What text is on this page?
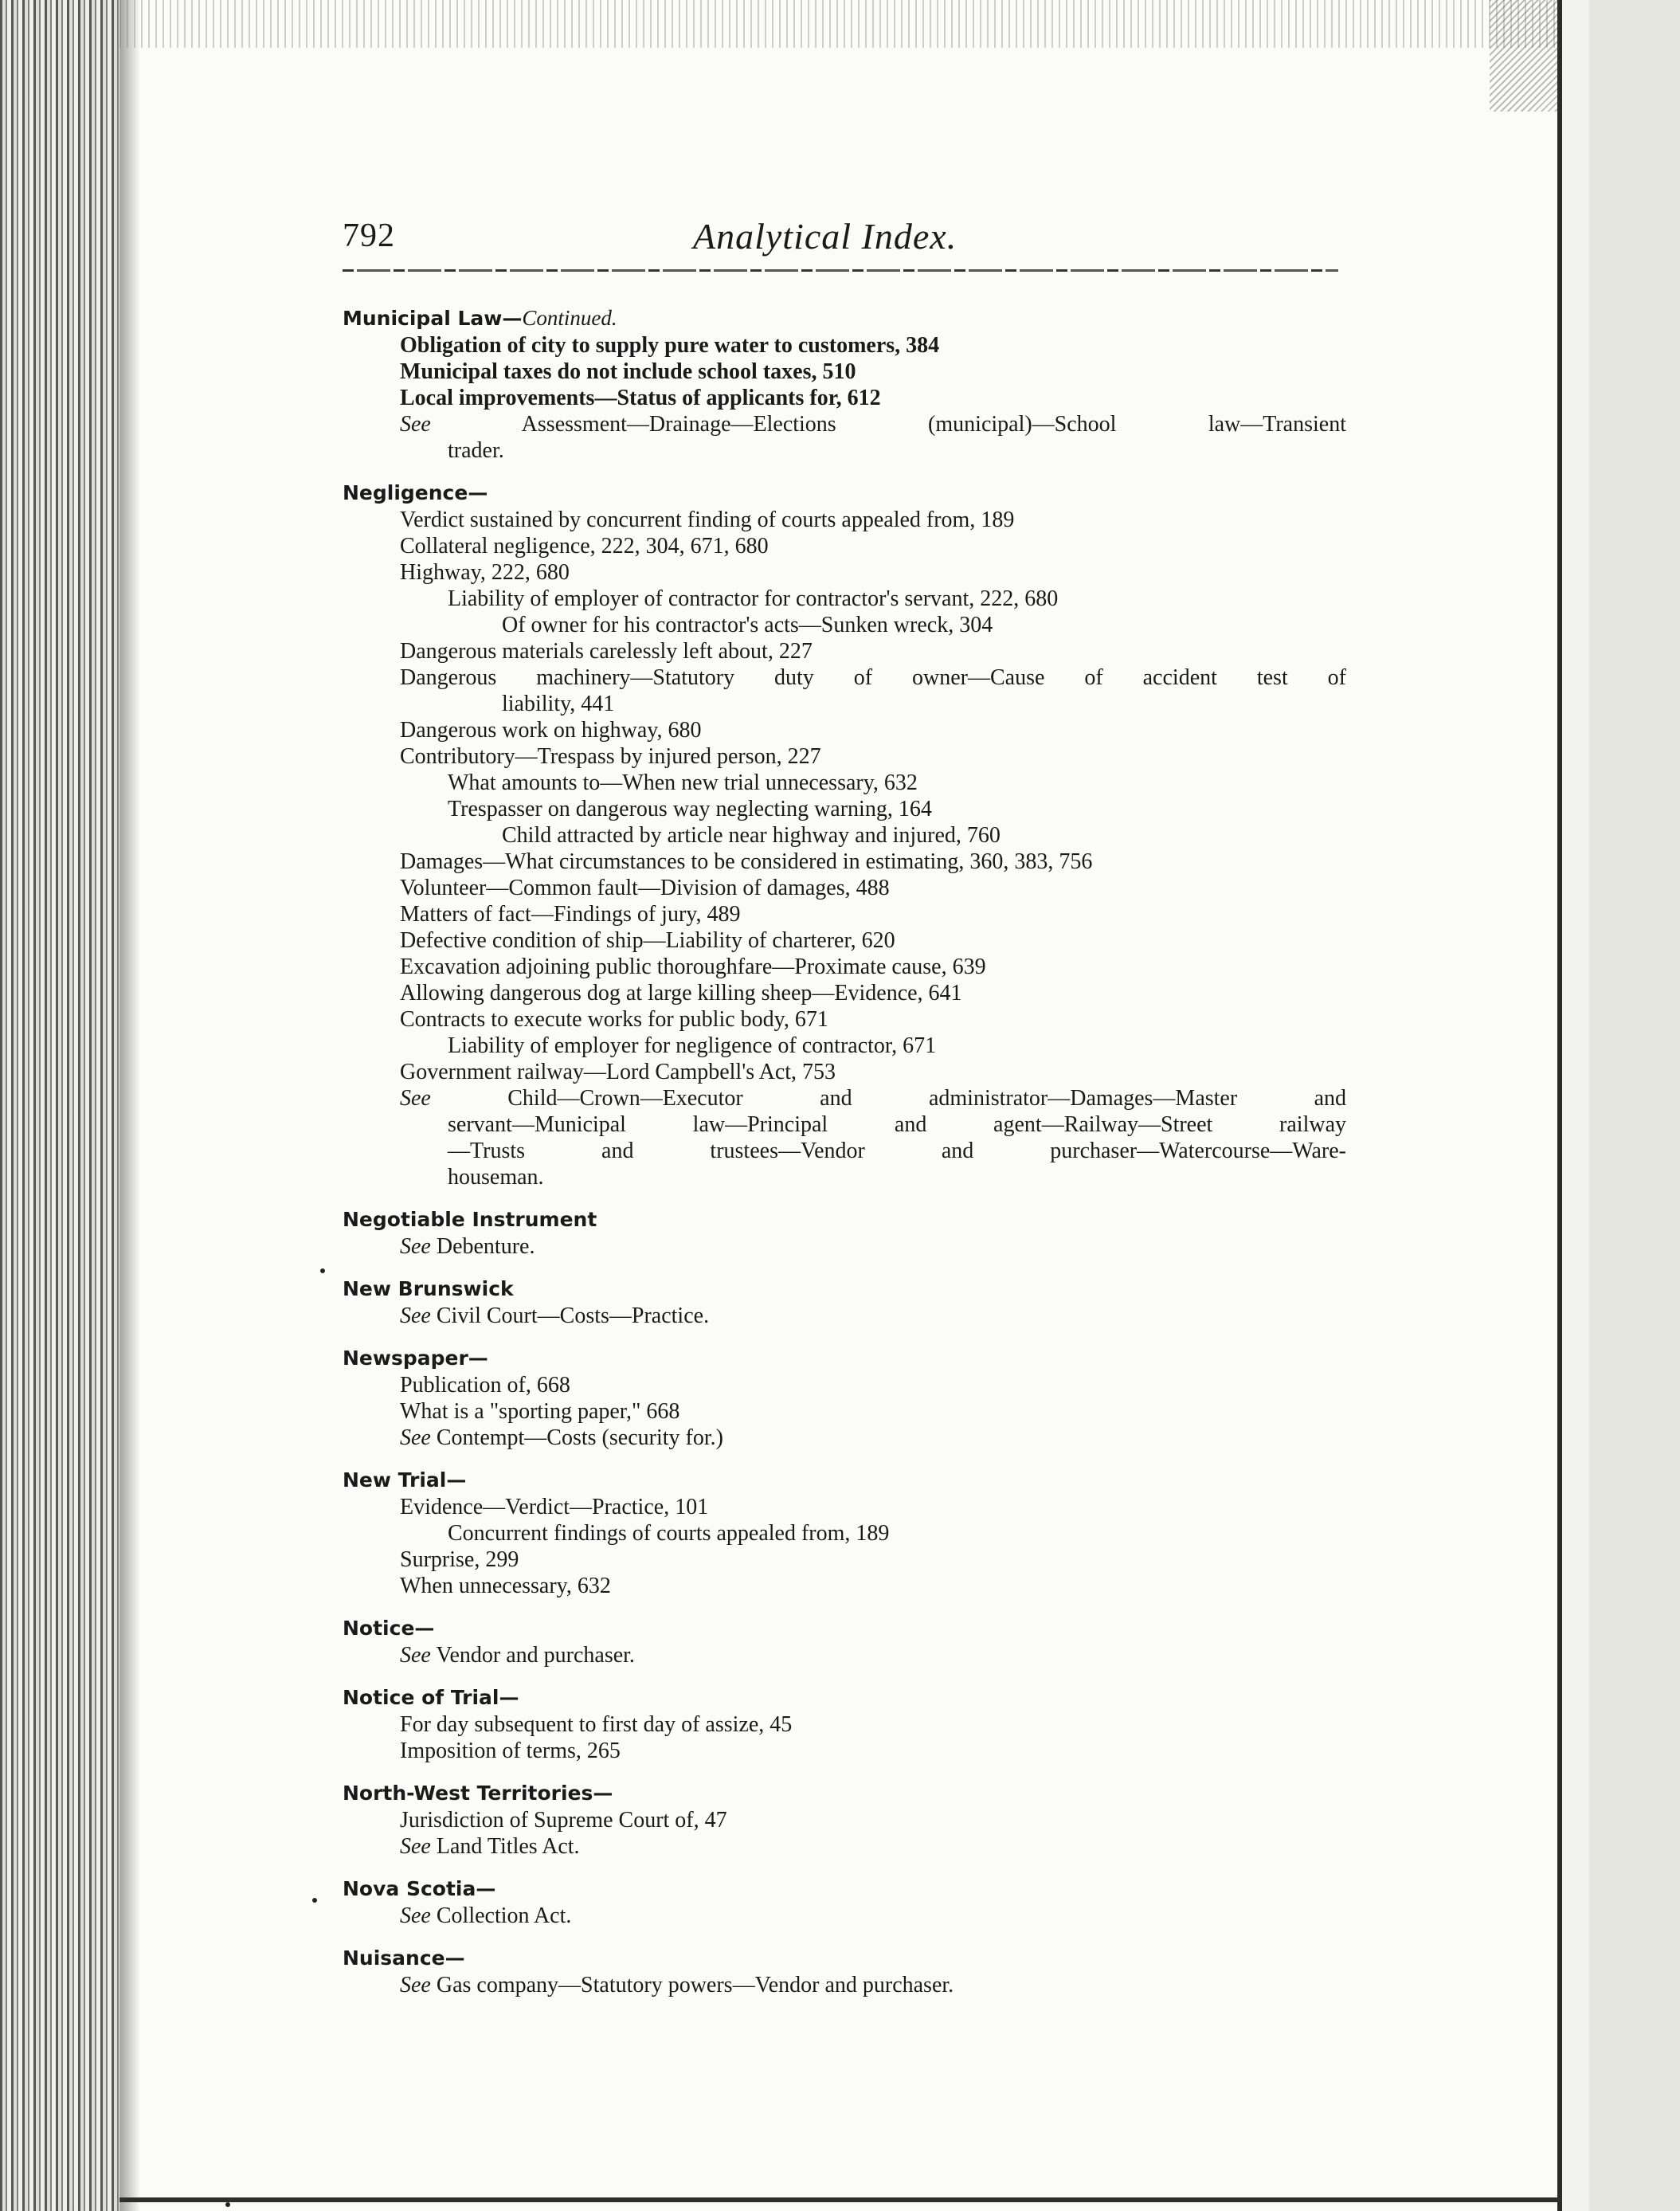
792	Analytical Index.
Municipal Law—Continued.
Obligation of city to supply pure water to customers, 384
Municipal taxes do not include school taxes, 510
Local improvements—Status of applicants for, 612
See Assessment—Drainage—Elections (municipal)—School law—Transient
trader.
Negligence—
Verdict sustained by concurrent finding of courts appealed from, 189
Collateral negligence, 222, 304, 671, 680
Highway, 222, 680
Liability of employer of contractor for contractor's servant, 222, 680
Of owner for his contractor's acts—Sunken wreck, 304
Dangerous materials carelessly left about, 227
Dangerous machinery—Statutory duty of owner—Cause of accident test of
liability, 441
Dangerous work on highway, 680
Contributory—Trespass by injured person, 227
What amounts to—When new trial unnecessary, 632
Trespasser on dangerous way neglecting warning, 164
Child attracted by article near highway and injured, 760
Damages—What circumstances to be considered in estimating, 360, 383, 756
Volunteer—Common fault—Division of damages, 488
Matters of fact—Findings of jury, 489
Defective condition of ship—Liability of charterer, 620
Excavation adjoining public thoroughfare—Proximate cause, 639
Allowing dangerous dog at large killing sheep—Evidence, 641
Contracts to execute works for public body, 671
Liability of employer for negligence of contractor, 671
Government railway—Lord Campbell's Act, 753
See Child—Crown—Executor and administrator—Damages—Master and
servant—Municipal law—Principal and agent—Railway—Street railway
—Trusts and trustees—Vendor and purchaser—Watercourse—Ware-
houseman.
Negotiable Instrument
See Debenture.
New Brunswick
See Civil Court—Costs—Practice.
Newspaper—
Publication of, 668
What is a "sporting paper," 668
See Contempt—Costs (security for.)
New Trial—
Evidence—Verdict—Practice, 101
Concurrent findings of courts appealed from, 189
Surprise, 299
When unnecessary, 632
Notice—
See Vendor and purchaser.
Notice of Trial—
For day subsequent to first day of assize, 45
Imposition of terms, 265
North-West Territories—
Jurisdiction of Supreme Court of, 47
See Land Titles Act.
Nova Scotia—
See Collection Act.
Nuisance—
See Gas company—Statutory powers—Vendor and purchaser.
